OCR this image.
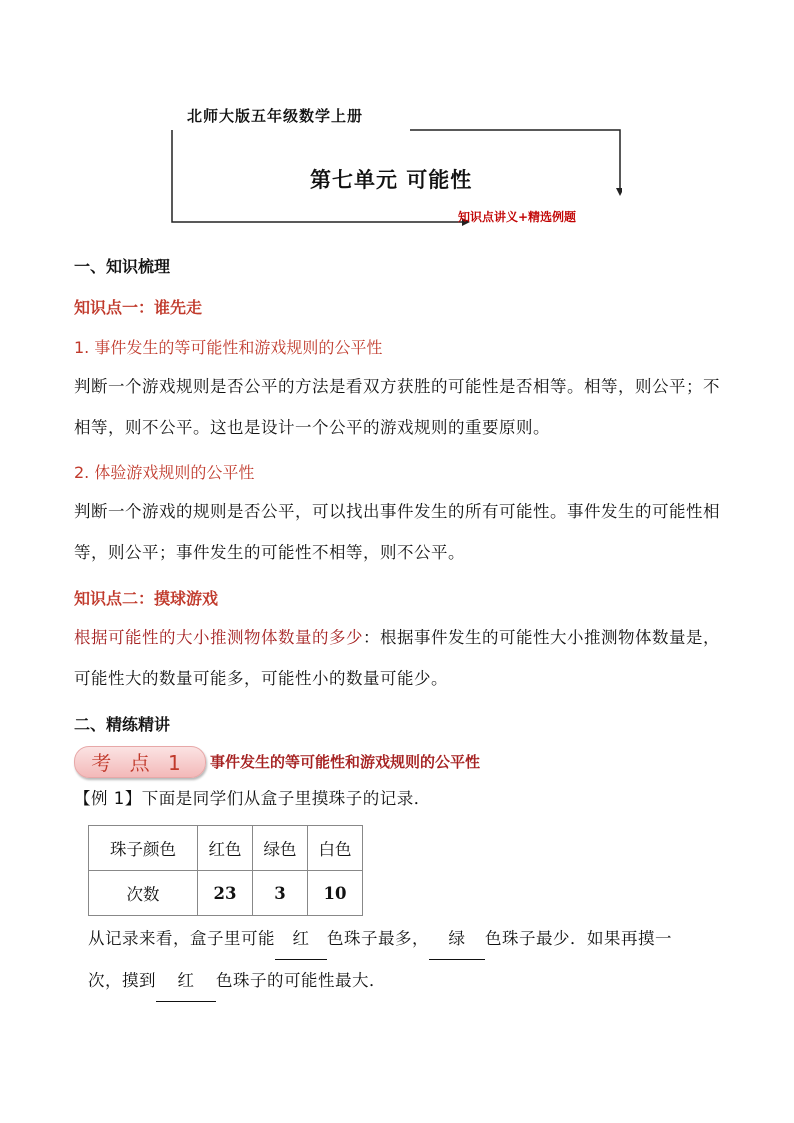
北师大版五年级数学上册
第七单元 可能性
知识点讲义+精选例题
一、知识梳理
知识点一：谁先走
1. 事件发生的等可能性和游戏规则的公平性
判断一个游戏规则是否公平的方法是看双方获胜的可能性是否相等。相等，则公平；不相等，则不公平。这也是设计一个公平的游戏规则的重要原则。
2. 体验游戏规则的公平性
判断一个游戏的规则是否公平，可以找出事件发生的所有可能性。事件发生的可能性相等，则公平；事件发生的可能性不相等，则不公平。
知识点二：摸球游戏
根据可能性的大小推测物体数量的多少：根据事件发生的可能性大小推测物体数量是，可能性大的数量可能多，可能性小的数量可能少。
二、精练精讲
考 点 1	事件发生的等可能性和游戏规则的公平性
【例 1】下面是同学们从盒子里摸珠子的记录．
珠子颜色	红色	绿色	白色
次数	23	3	10
从记录来看，盒子里可能 红 色珠子最多， 绿 色珠子最少．如果再摸一
次，摸到 红 色珠子的可能性最大．
